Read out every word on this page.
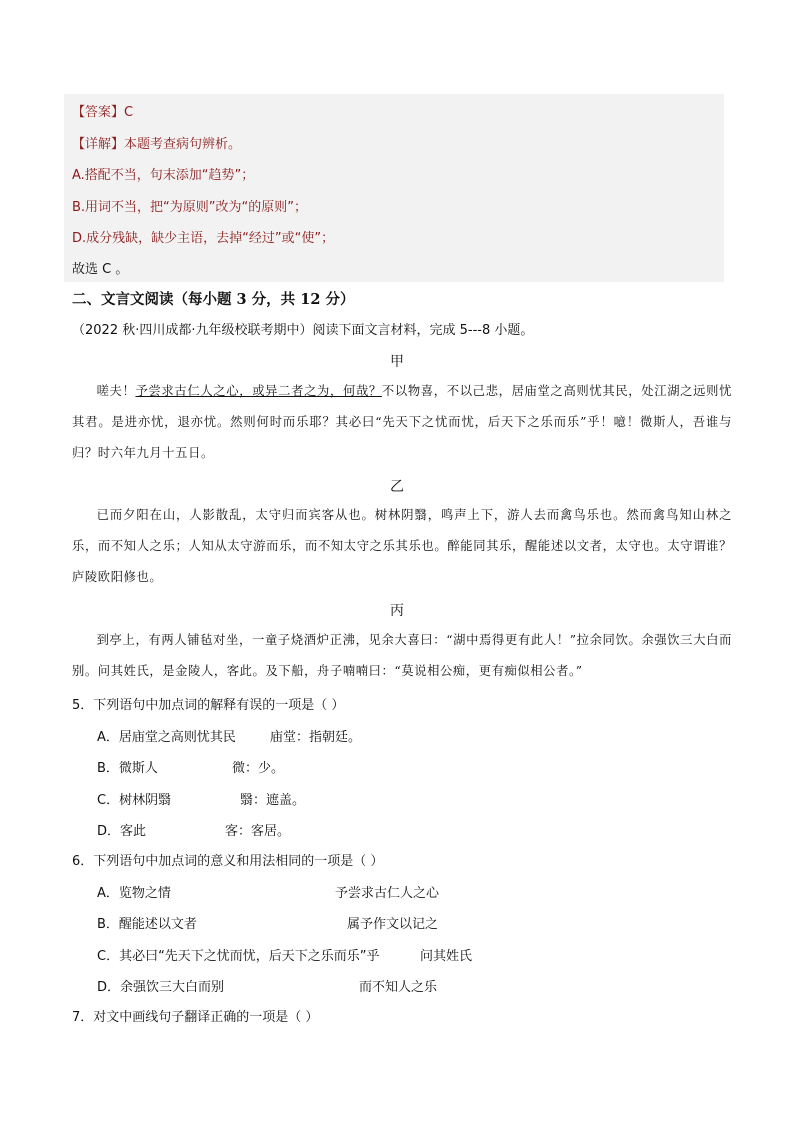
【答案】C
【详解】本题考查病句辨析。
A.搭配不当，句末添加“趋势”；
B.用词不当，把“为原则”改为“的原则”；
D.成分残缺，缺少主语，去掉“经过”或“使”；
故选 C 。
二、文言文阅读（每小题 3 分，共 12 分）
（2022 秋·四川成都·九年级校联考期中）阅读下面文言材料，完成 5---8 小题。
甲
嗟夫！予尝求古仁人之心，或异二者之为，何哉？不以物喜，不以己悲，居庙堂之高则忧其民，处江湖之远则忧其君。是进亦忧，退亦忧。然则何时而乐耶？其必曰“先天下之忧而忧，后天下之乐而乐”乎！噫！微斯人，吾谁与归？时六年九月十五日。
乙
已而夕阳在山，人影散乱，太守归而宾客从也。树林阴翳，鸣声上下，游人去而禽鸟乐也。然而禽鸟知山林之乐，而不知人之乐；人知从太守游而乐，而不知太守之乐其乐也。醉能同其乐，醒能述以文者，太守也。太守谓谁？庐陵欧阳修也。
丙
到亭上，有两人铺毡对坐，一童子烧酒炉正沸，见余大喜曰：“湖中焉得更有此人！”拉余同饮。余强饮三大白而别。问其姓氏，是金陵人，客此。及下船，舟子喃喃曰：“莫说相公痴，更有痴似相公者。”
5．下列语句中加点词的解释有误的一项是（ ）
A．居庙堂之高则忧其民	庙堂：指朝廷。
B．微斯人	微：少。
C．树林阴翳	翳：遮盖。
D．客此	客：客居。
6．下列语句中加点词的意义和用法相同的一项是（ ）
A．览物之情	予尝求古仁人之心
B．醒能述以文者	属予作文以记之
C．其必曰“先天下之忧而忧，后天下之乐而乐”乎	问其姓氏
D．余强饮三大白而别	而不知人之乐
7．对文中画线句子翻译正确的一项是（ ）
